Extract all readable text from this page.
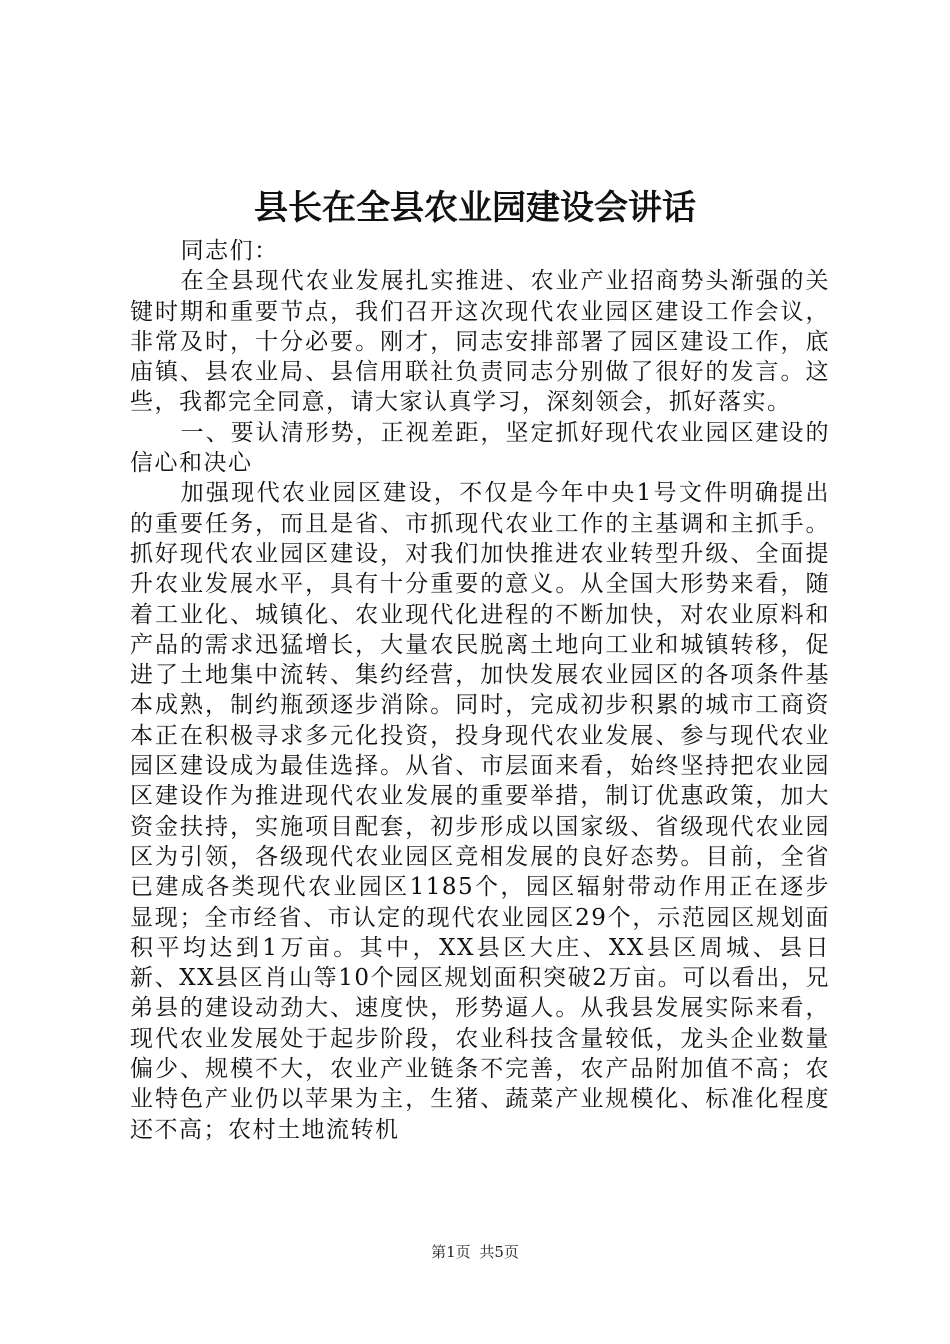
县长在全县农业园建设会讲话

同志们：

在全县现代农业发展扎实推进、农业产业招商势头渐强的关键时期和重要节点，我们召开这次现代农业园区建设工作会议，非常及时，十分必要。刚才，同志安排部署了园区建设工作，底庙镇、县农业局、县信用联社负责同志分别做了很好的发言。这些，我都完全同意，请大家认真学习，深刻领会，抓好落实。

一、要认清形势，正视差距，坚定抓好现代农业园区建设的信心和决心

加强现代农业园区建设，不仅是今年中央1号文件明确提出的重要任务，而且是省、市抓现代农业工作的主基调和主抓手。抓好现代农业园区建设，对我们加快推进农业转型升级、全面提升农业发展水平，具有十分重要的意义。从全国大形势来看，随着工业化、城镇化、农业现代化进程的不断加快，对农业原料和产品的需求迅猛增长，大量农民脱离土地向工业和城镇转移，促进了土地集中流转、集约经营，加快发展农业园区的各项条件基本成熟，制约瓶颈逐步消除。同时，完成初步积累的城市工商资本正在积极寻求多元化投资，投身现代农业发展、参与现代农业园区建设成为最佳选择。从省、市层面来看，始终坚持把农业园区建设作为推进现代农业发展的重要举措，制订优惠政策，加大资金扶持，实施项目配套，初步形成以国家级、省级现代农业园区为引领，各级现代农业园区竞相发展的良好态势。目前，全省已建成各类现代农业园区1185个，园区辐射带动作用正在逐步显现；全市经省、市认定的现代农业园区29个，示范园区规划面积平均达到1万亩。其中，XX县区大庄、XX县区周城、县日新、XX县区肖山等10个园区规划面积突破2万亩。可以看出，兄弟县的建设动劲大、速度快，形势逼人。从我县发展实际来看，现代农业发展处于起步阶段，农业科技含量较低，龙头企业数量偏少、规模不大，农业产业链条不完善，农产品附加值不高；农业特色产业仍以苹果为主，生猪、蔬菜产业规模化、标准化程度还不高；农村土地流转机

第1页 共5页
